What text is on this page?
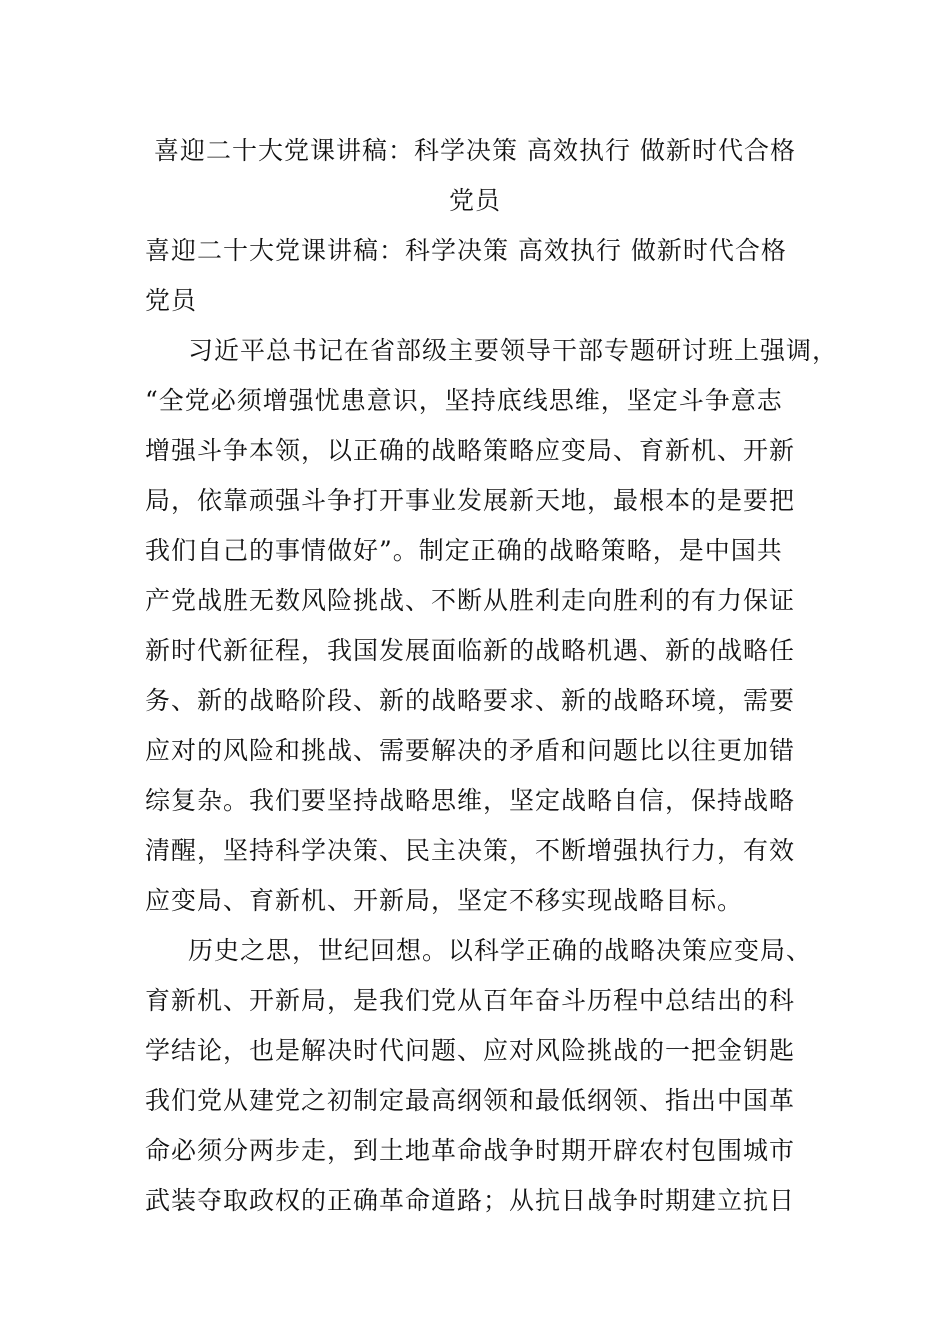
喜迎二十大党课讲稿：科学决策 高效执行 做新时代合格
党员
喜迎二十大党课讲稿：科学决策 高效执行 做新时代合格
党员
习近平总书记在省部级主要领导干部专题研讨班上强调，
“全党必须增强忧患意识，坚持底线思维，坚定斗争意志
增强斗争本领，以正确的战略策略应变局、育新机、开新
局，依靠顽强斗争打开事业发展新天地，最根本的是要把
我们自己的事情做好”。制定正确的战略策略，是中国共
产党战胜无数风险挑战、不断从胜利走向胜利的有力保证
新时代新征程，我国发展面临新的战略机遇、新的战略任
务、新的战略阶段、新的战略要求、新的战略环境，需要
应对的风险和挑战、需要解决的矛盾和问题比以往更加错
综复杂。我们要坚持战略思维，坚定战略自信，保持战略
清醒，坚持科学决策、民主决策，不断增强执行力，有效
应变局、育新机、开新局，坚定不移实现战略目标。
历史之思，世纪回想。以科学正确的战略决策应变局、
育新机、开新局，是我们党从百年奋斗历程中总结出的科
学结论，也是解决时代问题、应对风险挑战的一把金钥匙
我们党从建党之初制定最高纲领和最低纲领、指出中国革
命必须分两步走，到土地革命战争时期开辟农村包围城市
武装夺取政权的正确革命道路；从抗日战争时期建立抗日
